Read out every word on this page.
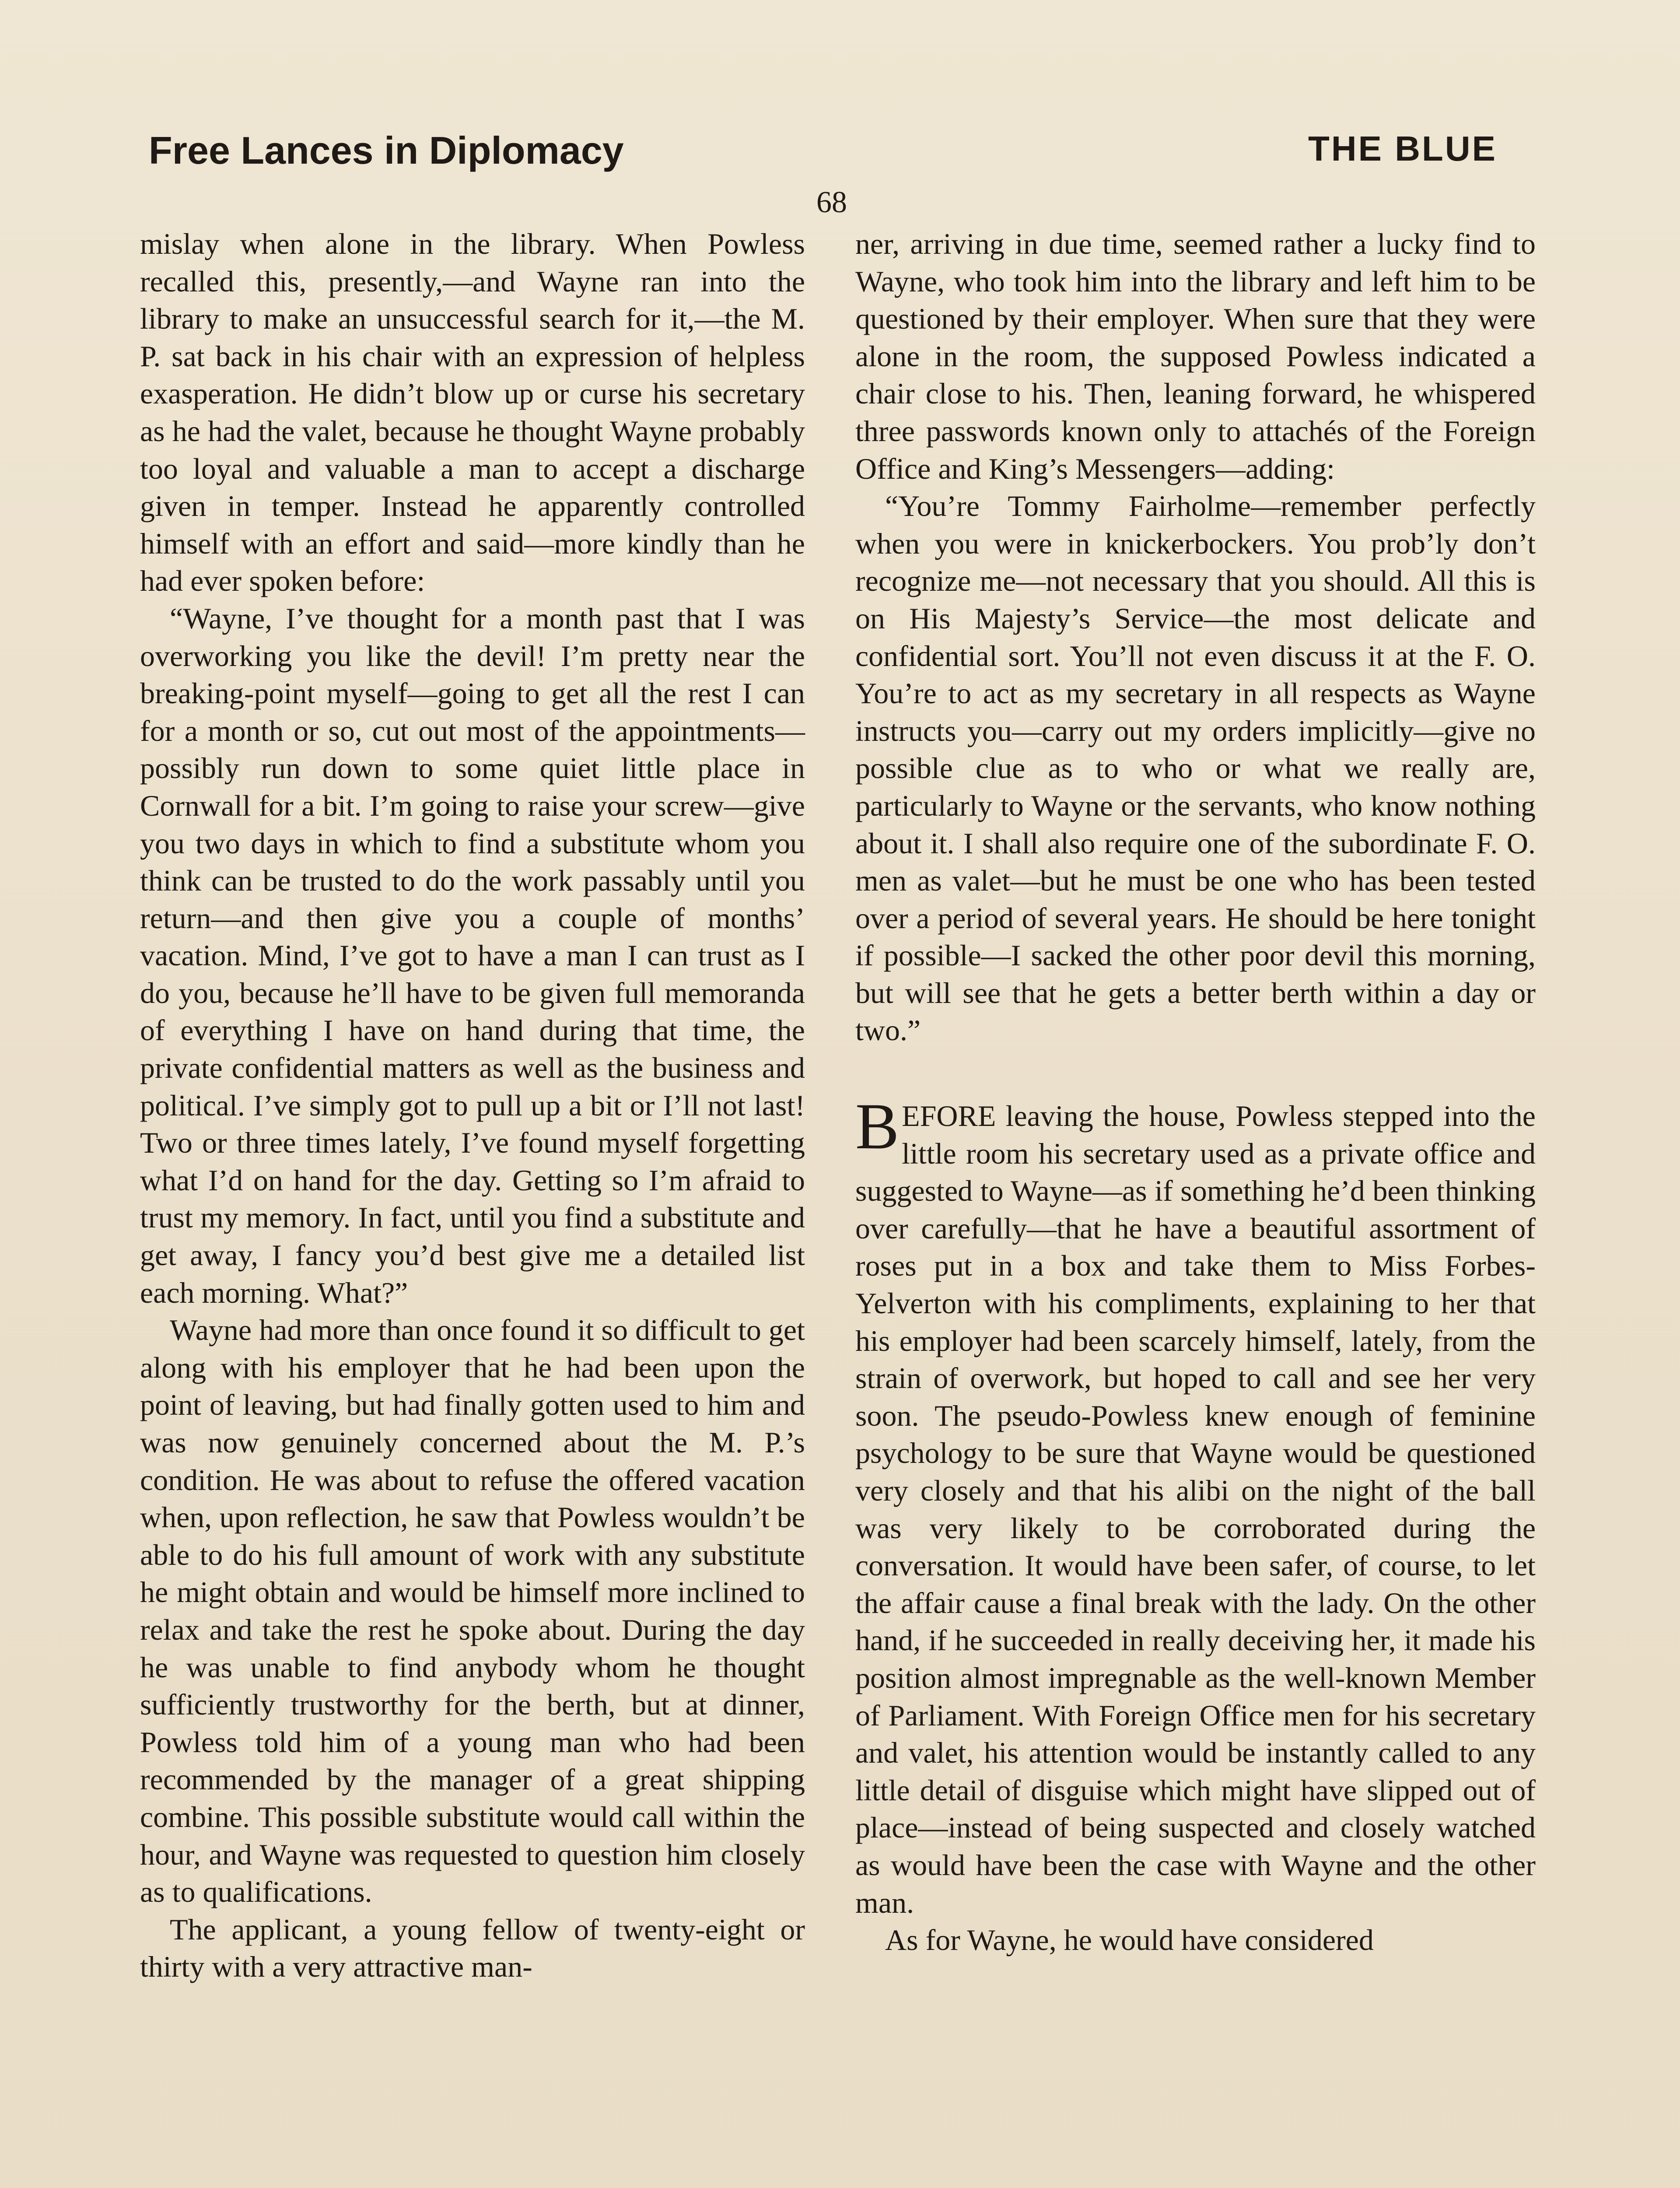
Free Lances in Diplomacy	THE BLUE
68

mislay when alone in the library. When Powless recalled this, presently,—and Wayne ran into the library to make an unsuccessful search for it,—the M. P. sat back in his chair with an expression of helpless exasperation. He didn’t blow up or curse his secretary as he had the valet, because he thought Wayne probably too loyal and valuable a man to accept a discharge given in temper. Instead he apparently controlled himself with an effort and said—more kindly than he had ever spoken before:

“Wayne, I’ve thought for a month past that I was overworking you like the devil! I’m pretty near the breaking-point myself—going to get all the rest I can for a month or so, cut out most of the appointments—possibly run down to some quiet little place in Cornwall for a bit. I’m going to raise your screw—give you two days in which to find a substitute whom you think can be trusted to do the work passably until you return—and then give you a couple of months’ vacation. Mind, I’ve got to have a man I can trust as I do you, because he’ll have to be given full memoranda of everything I have on hand during that time, the private confidential matters as well as the business and political. I’ve simply got to pull up a bit or I’ll not last! Two or three times lately, I’ve found myself forgetting what I’d on hand for the day. Getting so I’m afraid to trust my memory. In fact, until you find a substitute and get away, I fancy you’d best give me a detailed list each morning. What?”

Wayne had more than once found it so difficult to get along with his employer that he had been upon the point of leaving, but had finally gotten used to him and was now genuinely concerned about the M. P.’s condition. He was about to refuse the offered vacation when, upon reflection, he saw that Powless wouldn’t be able to do his full amount of work with any substitute he might obtain and would be himself more inclined to relax and take the rest he spoke about. During the day he was unable to find anybody whom he thought sufficiently trustworthy for the berth, but at dinner, Powless told him of a young man who had been recommended by the manager of a great shipping combine. This possible substitute would call within the hour, and Wayne was requested to question him closely as to qualifications.

The applicant, a young fellow of twenty-eight or thirty with a very attractive man-

ner, arriving in due time, seemed rather a lucky find to Wayne, who took him into the library and left him to be questioned by their employer. When sure that they were alone in the room, the supposed Powless indicated a chair close to his. Then, leaning forward, he whispered three passwords known only to attachés of the Foreign Office and King’s Messengers—adding:

“You’re Tommy Fairholme—remember perfectly when you were in knickerbockers. You prob’ly don’t recognize me—not necessary that you should. All this is on His Majesty’s Service—the most delicate and confidential sort. You’ll not even discuss it at the F. O. You’re to act as my secretary in all respects as Wayne instructs you—carry out my orders implicitly—give no possible clue as to who or what we really are, particularly to Wayne or the servants, who know nothing about it. I shall also require one of the subordinate F. O. men as valet—but he must be one who has been tested over a period of several years. He should be here tonight if possible—I sacked the other poor devil this morning, but will see that he gets a better berth within a day or two.”

BEFORE leaving the house, Powless stepped into the little room his secretary used as a private office and suggested to Wayne—as if something he’d been thinking over carefully—that he have a beautiful assortment of roses put in a box and take them to Miss Forbes-Yelverton with his compliments, explaining to her that his employer had been scarcely himself, lately, from the strain of overwork, but hoped to call and see her very soon. The pseudo-Powless knew enough of feminine psychology to be sure that Wayne would be questioned very closely and that his alibi on the night of the ball was very likely to be corroborated during the conversation. It would have been safer, of course, to let the affair cause a final break with the lady. On the other hand, if he succeeded in really deceiving her, it made his position almost impregnable as the well-known Member of Parliament. With Foreign Office men for his secretary and valet, his attention would be instantly called to any little detail of disguise which might have slipped out of place—instead of being suspected and closely watched as would have been the case with Wayne and the other man.

As for Wayne, he would have considered
